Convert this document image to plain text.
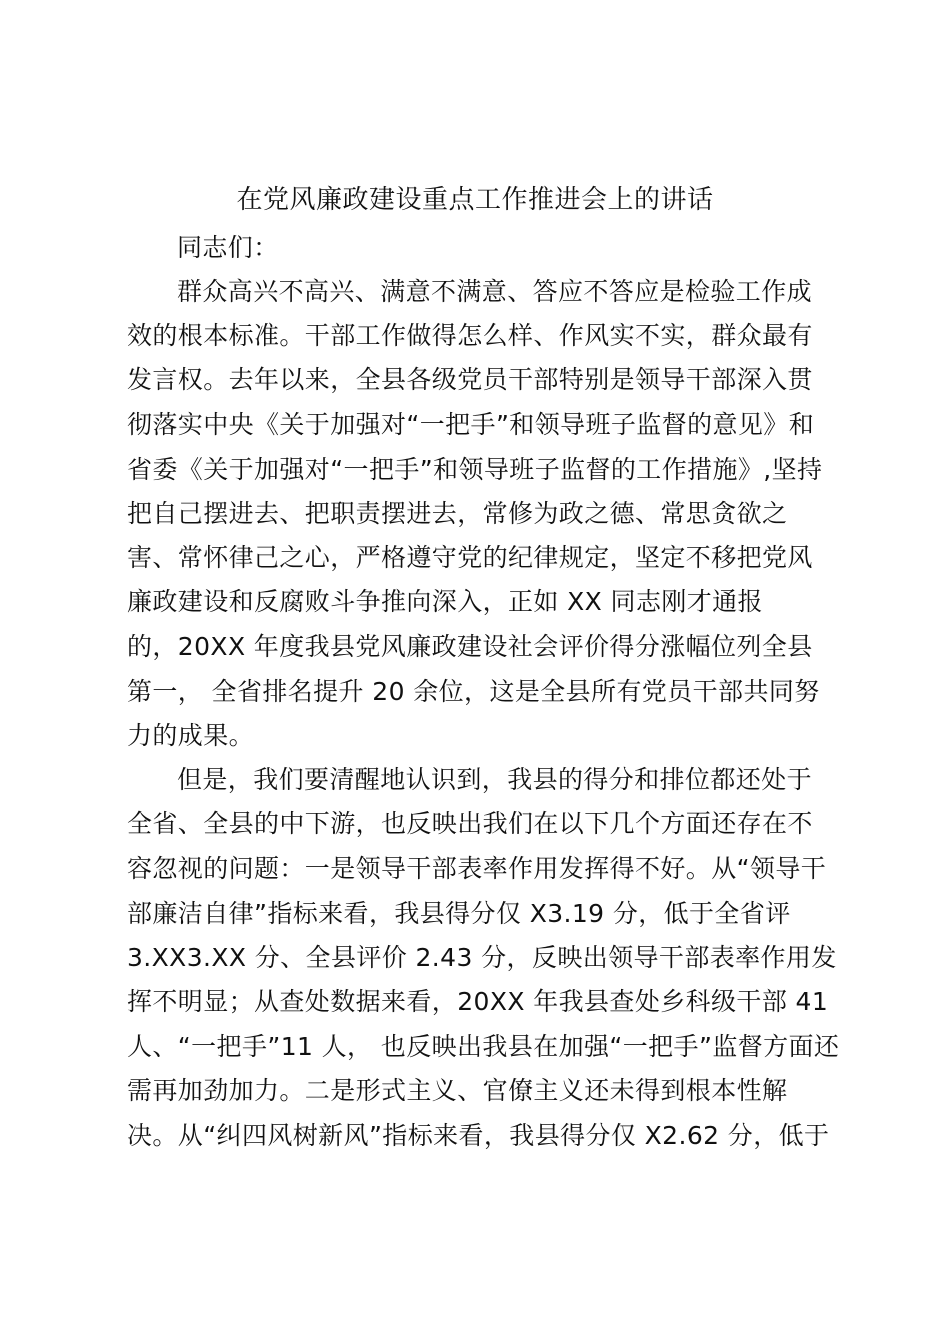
在党风廉政建设重点工作推进会上的讲话
同志们：
群众高兴不高兴、满意不满意、答应不答应是检验工作成
效的根本标准。干部工作做得怎么样、作风实不实，群众最有
发言权。去年以来，全县各级党员干部特别是领导干部深入贯
彻落实中央《关于加强对“一把手”和领导班子监督的意见》和
省委《关于加强对“一把手”和领导班子监督的工作措施》,坚持
把自己摆进去、把职责摆进去，常修为政之德、常思贪欲之
害、常怀律己之心，严格遵守党的纪律规定，坚定不移把党风
廉政建设和反腐败斗争推向深入，正如 XX 同志刚才通报
的，20XX 年度我县党风廉政建设社会评价得分涨幅位列全县
第一， 全省排名提升 20 余位，这是全县所有党员干部共同努
力的成果。
但是，我们要清醒地认识到，我县的得分和排位都还处于
全省、全县的中下游，也反映出我们在以下几个方面还存在不
容忽视的问题：一是领导干部表率作用发挥得不好。从“领导干
部廉洁自律”指标来看，我县得分仅 X3.19 分，低于全省评
3.XX3.XX 分、全县评价 2.43 分，反映出领导干部表率作用发
挥不明显；从查处数据来看，20XX 年我县查处乡科级干部 41
人、“一把手”11 人， 也反映出我县在加强“一把手”监督方面还
需再加劲加力。二是形式主义、官僚主义还未得到根本性解
决。从“纠四风树新风”指标来看，我县得分仅 X2.62 分，低于
